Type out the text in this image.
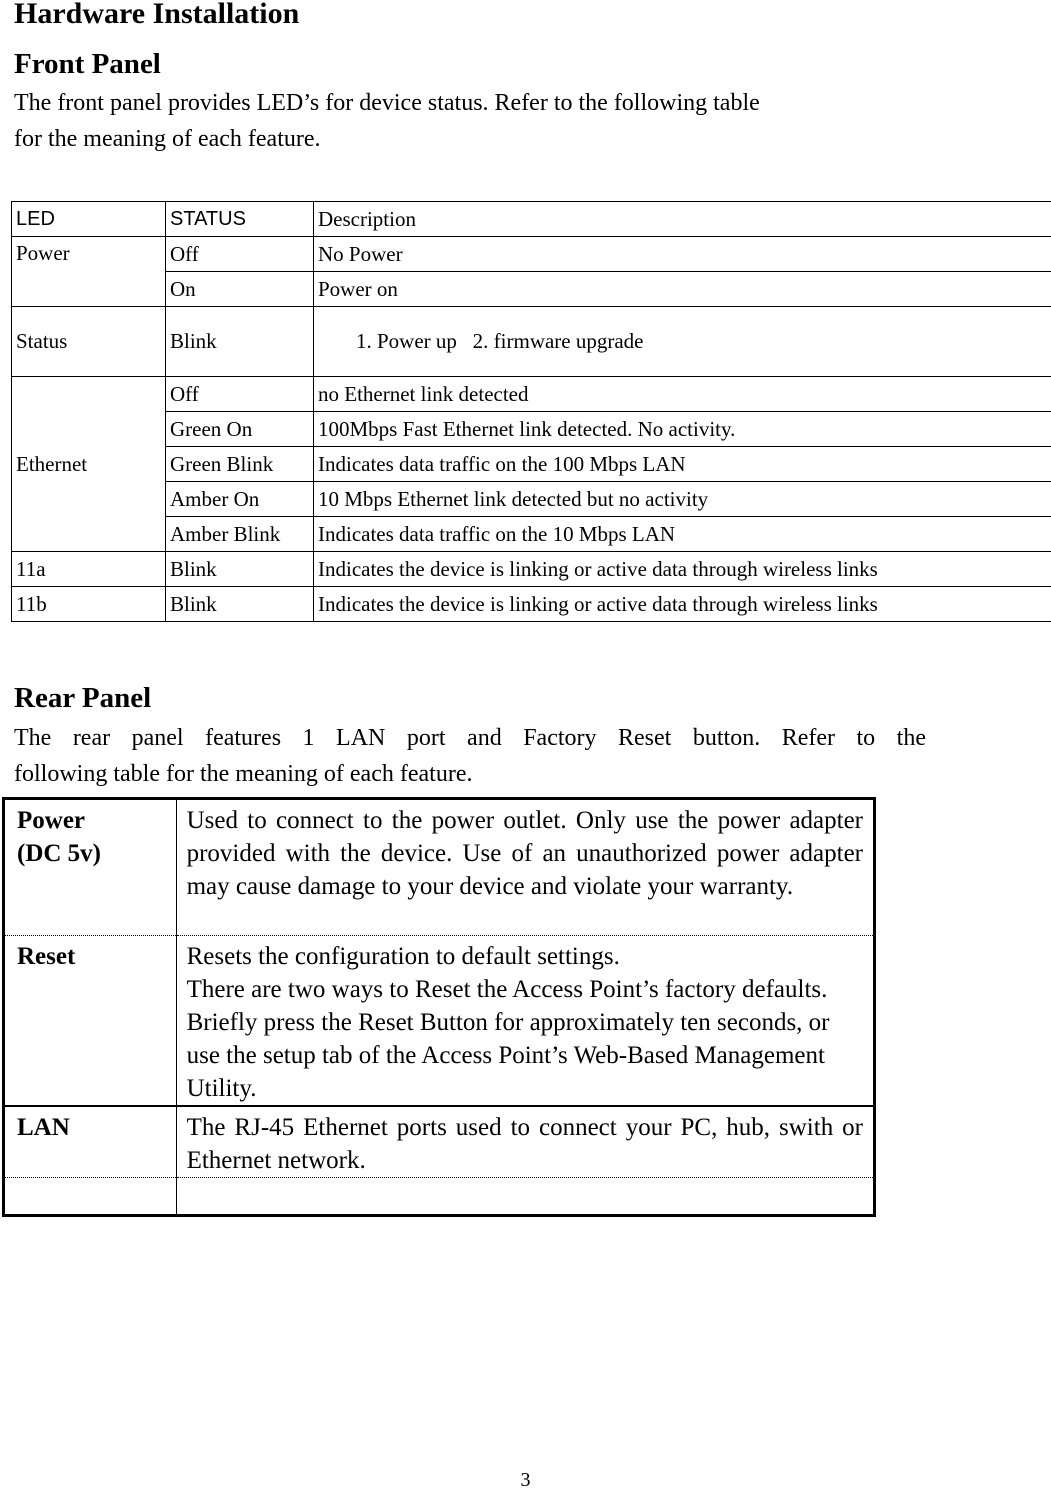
Hardware Installation
Front Panel
The front panel provides LED’s for device status. Refer to the following table
for the meaning of each feature.
LED	STATUS	Description
Power	Off	No Power
	On	Power on
Status	Blink	1. Power up   2. firmware upgrade
Ethernet	Off	no Ethernet link detected
	Green On	100Mbps Fast Ethernet link detected. No activity.
	Green Blink	Indicates data traffic on the 100 Mbps LAN
	Amber On	10 Mbps Ethernet link detected but no activity
	Amber Blink	Indicates data traffic on the 10 Mbps LAN
11a	Blink	Indicates the device is linking or active data through wireless links
11b	Blink	Indicates the device is linking or active data through wireless links
Rear Panel
The rear panel features 1 LAN port and Factory Reset button. Refer to the
following table for the meaning of each feature.
Power
(DC 5v)	Used to connect to the power outlet. Only use the power adapter provided with the device. Use of an unauthorized power adapter may cause damage to your device and violate your warranty.
Reset	Resets the configuration to default settings.
There are two ways to Reset the Access Point’s factory defaults. Briefly press the Reset Button for approximately ten seconds, or use the setup tab of the Access Point’s Web-Based Management Utility.

LAN	The RJ-45 Ethernet ports used to connect your PC, hub, swith or Ethernet network.

3
